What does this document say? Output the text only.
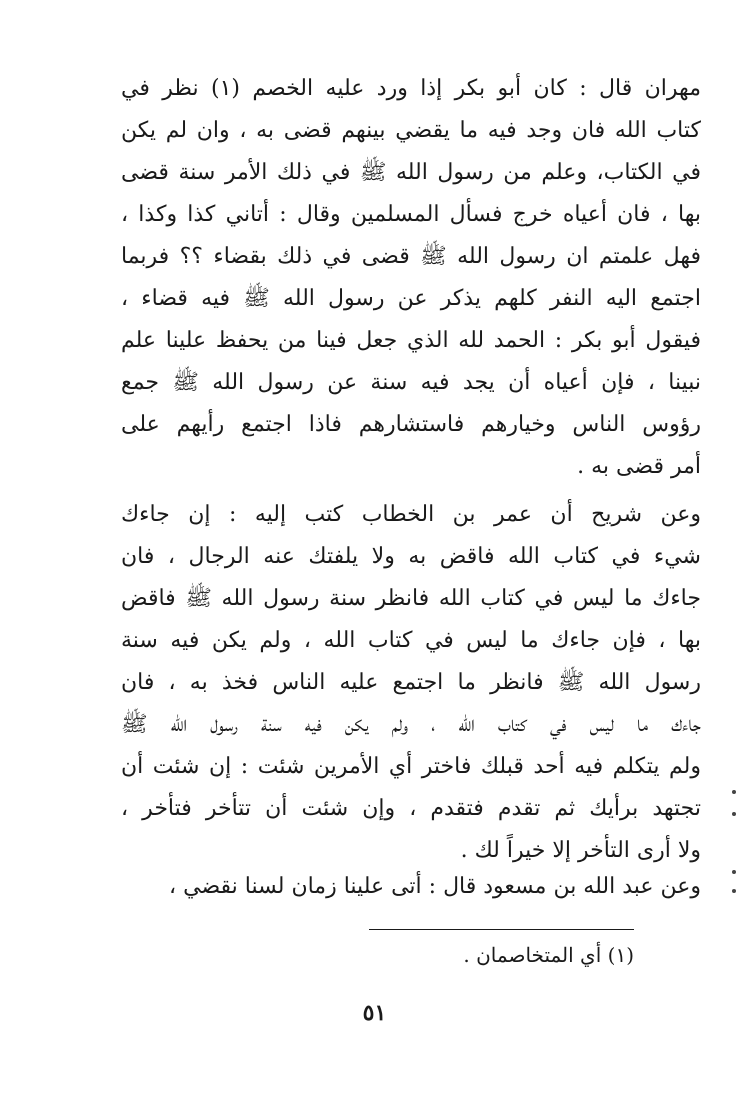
مهران قال : كان أبو بكر إذا ورد عليه الخصم (١) نظر في
كتاب الله فان وجد فيه ما يقضي بينهم قضى به ، وان لم يكن
في الكتاب، وعلم من رسول الله ﷺ في ذلك الأمر سنة قضى
بها ، فان أعياه خرج فسأل المسلمين وقال : أتاني كذا وكذا ،
فهل علمتم ان رسول الله ﷺ قضى في ذلك بقضاء ؟؟ فربما
اجتمع اليه النفر كلهم يذكر عن رسول الله ﷺ فيه قضاء ،
فيقول أبو بكر : الحمد لله الذي جعل فينا من يحفظ علينا علم
نبينا ، فإن أعياه أن يجد فيه سنة عن رسول الله ﷺ جمع
رؤوس الناس وخيارهم فاستشارهم فاذا اجتمع رأيهم على
أمر قضى به .
وعن شريح أن عمر بن الخطاب كتب إليه : إن جاءك
شيء في كتاب الله فاقض به ولا يلفتك عنه الرجال ، فان
جاءك ما ليس في كتاب الله فانظر سنة رسول الله ﷺ فاقض
بها ، فإن جاءك ما ليس في كتاب الله ، ولم يكن فيه سنة
رسول الله ﷺ فانظر ما اجتمع عليه الناس فخذ به ، فان
جاءك ما ليس في كتاب الله ، ولم يكن فيه سنة رسول الله ﷺ
ولم يتكلم فيه أحد قبلك فاختر أي الأمرين شئت : إن شئت أن
تجتهد برأيك ثم تقدم فتقدم ، وإن شئت أن تتأخر فتأخر ،
ولا أرى التأخر إلا خيراً لك .
وعن عبد الله بن مسعود قال : أتى علينا زمان لسنا نقضي ،
(١) أي المتخاصمان .
٥١
